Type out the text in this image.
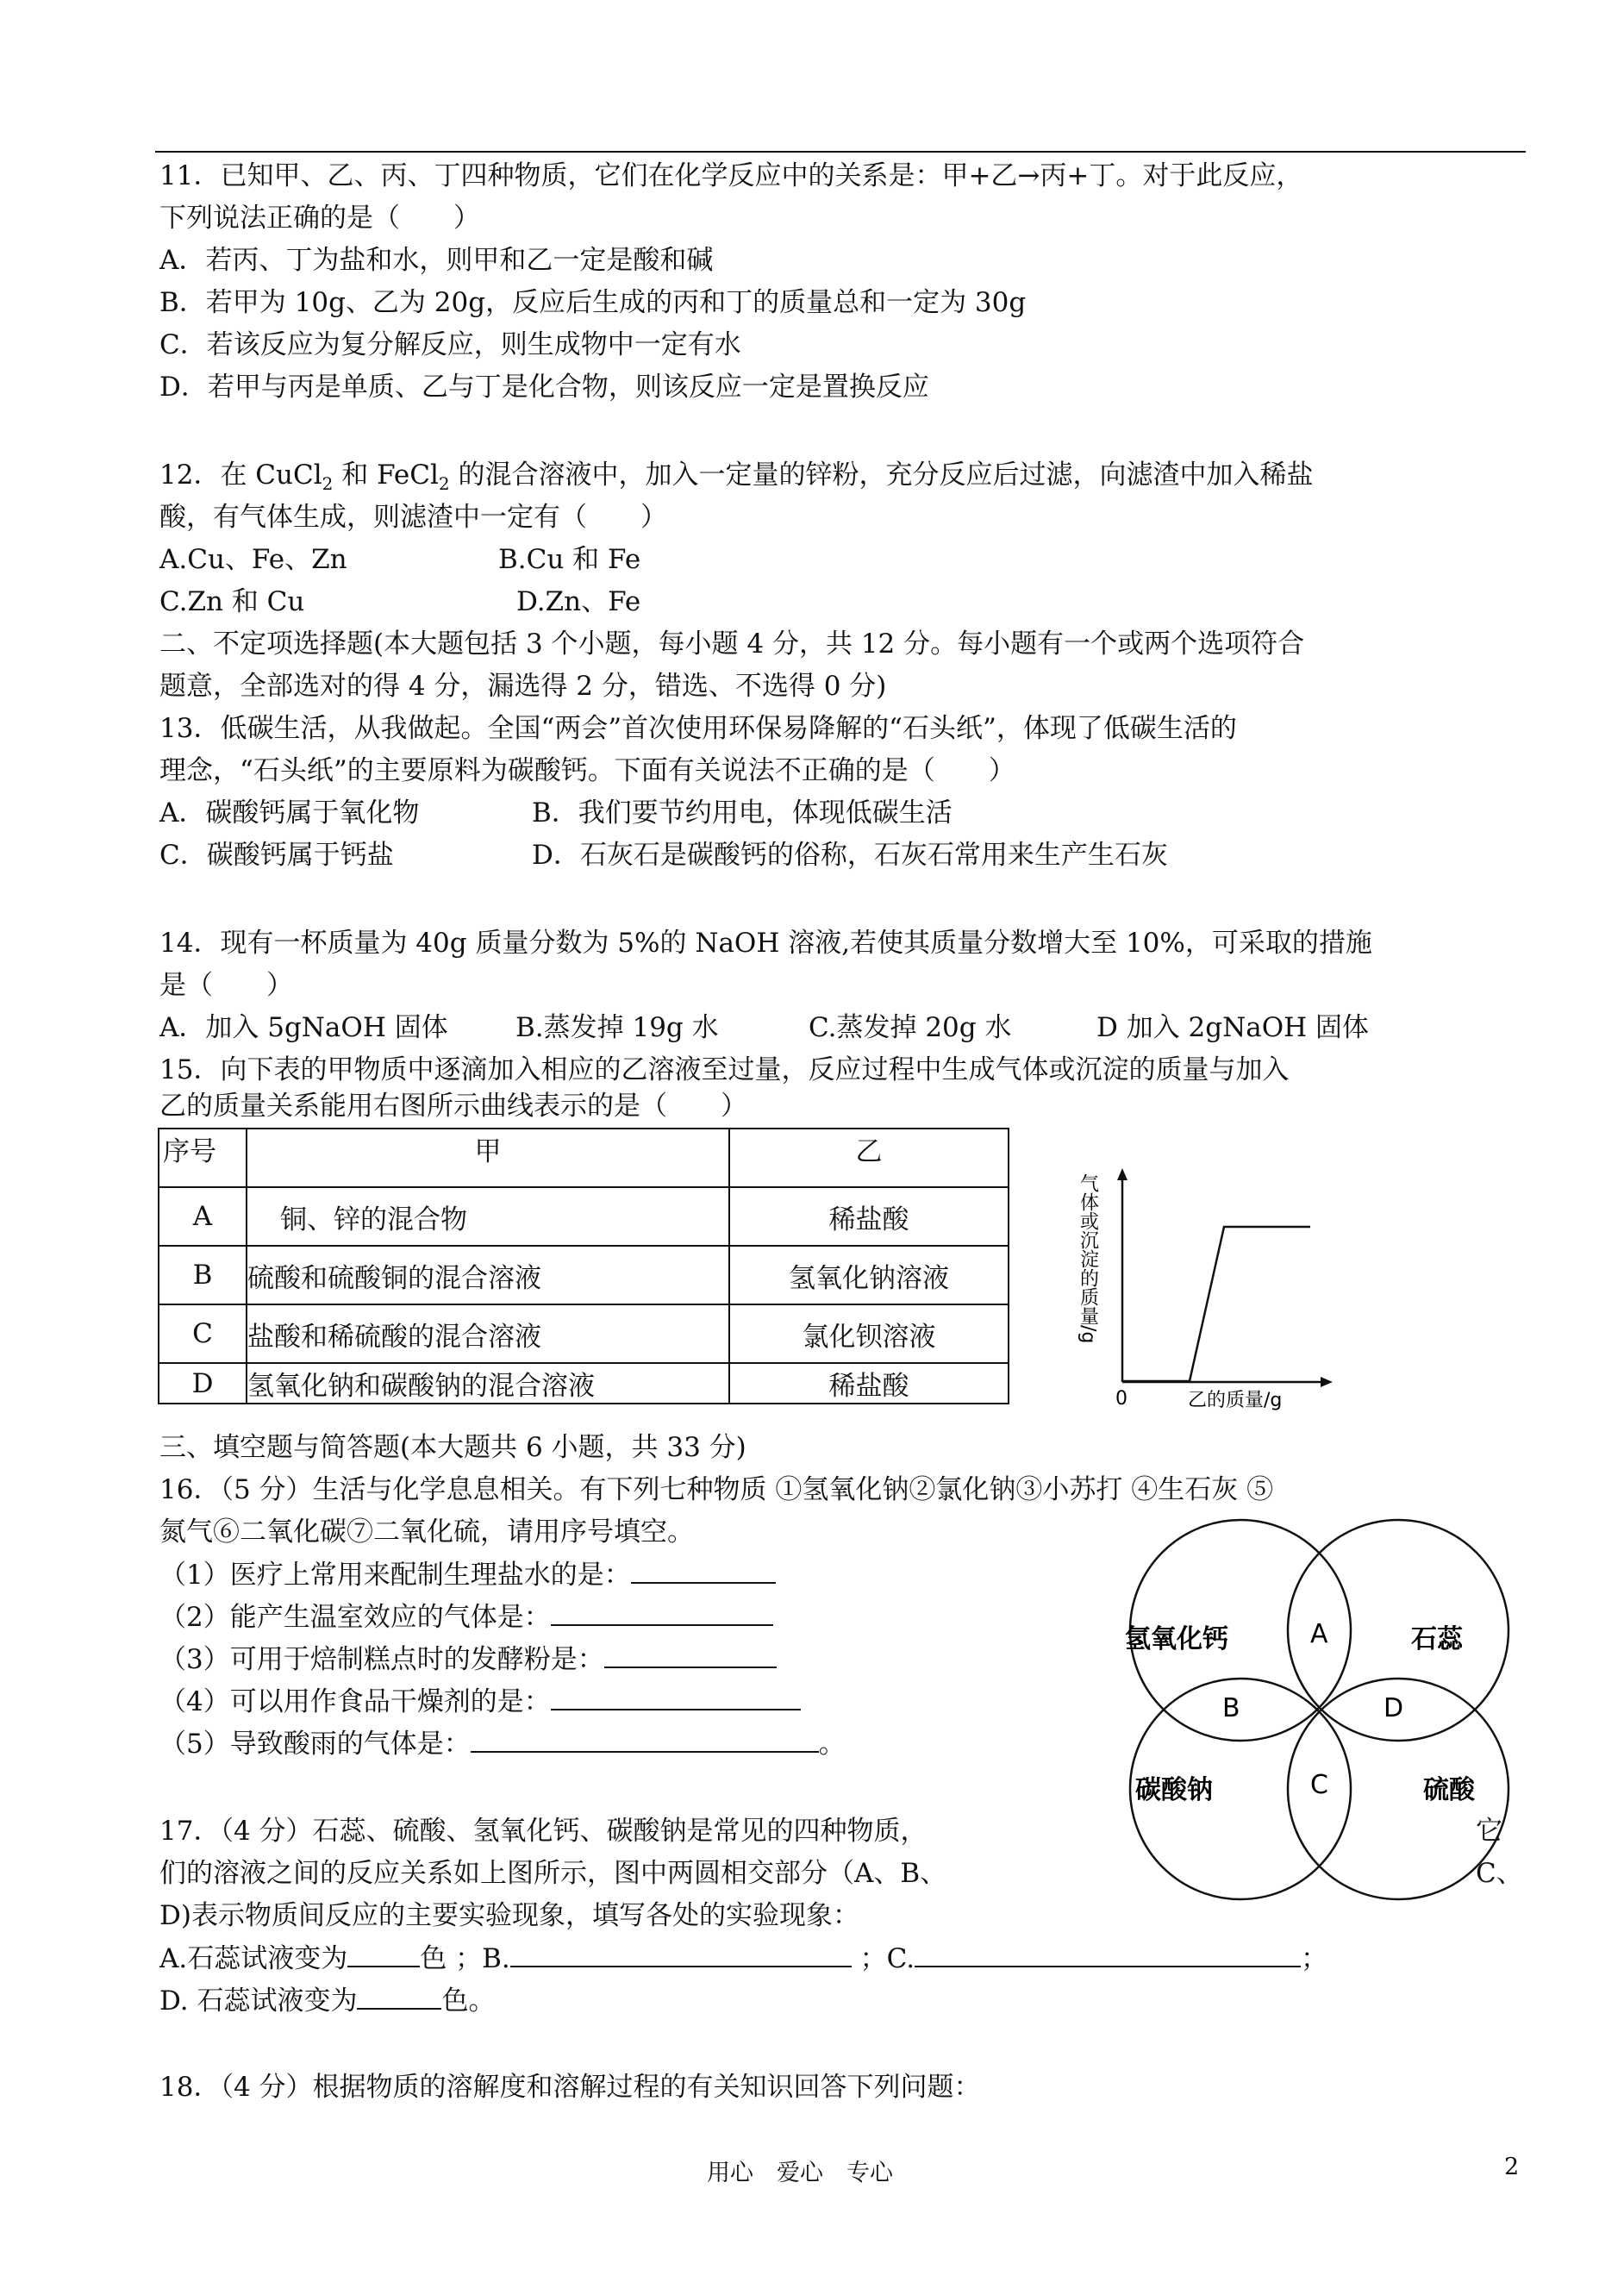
11．已知甲、乙、丙、丁四种物质，它们在化学反应中的关系是：甲+乙→丙+丁。对于此反应，
下列说法正确的是（　　）
A．若丙、丁为盐和水，则甲和乙一定是酸和碱
B．若甲为 10g、乙为 20g，反应后生成的丙和丁的质量总和一定为 30g
C．若该反应为复分解反应，则生成物中一定有水
D．若甲与丙是单质、乙与丁是化合物，则该反应一定是置换反应
12．在 CuCl$_2$ 和 FeCl$_2$ 的混合溶液中，加入一定量的锌粉，充分反应后过滤，向滤渣中加入稀盐
酸，有气体生成，则滤渣中一定有（　　）
A.Cu、Fe、Zn	B.Cu 和 Fe
C.Zn 和 Cu	D.Zn、Fe
二、不定项选择题(本大题包括 3 个小题，每小题 4 分，共 12 分。每小题有一个或两个选项符合
题意，全部选对的得 4 分，漏选得 2 分，错选、不选得 0 分)
13．低碳生活，从我做起。全国“两会”首次使用环保易降解的“石头纸”，体现了低碳生活的
理念，“石头纸”的主要原料为碳酸钙。下面有关说法不正确的是（　　）
A．碳酸钙属于氧化物	B．我们要节约用电，体现低碳生活
C．碳酸钙属于钙盐	D．石灰石是碳酸钙的俗称，石灰石常用来生产生石灰
14．现有一杯质量为 40g 质量分数为 5%的 NaOH 溶液,若使其质量分数增大至 10%，可采取的措施
是（　　）
A．加入 5gNaOH 固体	B.蒸发掉 19g 水	C.蒸发掉 20g 水	D 加入 2gNaOH 固体
15．向下表的甲物质中逐滴加入相应的乙溶液至过量，反应过程中生成气体或沉淀的质量与加入
乙的质量关系能用右图所示曲线表示的是（　　）
序号	甲	乙
A	铜、锌的混合物	稀盐酸
B	硫酸和硫酸铜的混合溶液	氢氧化钠溶液
C	盐酸和稀硫酸的混合溶液	氯化钡溶液
D	氢氧化钠和碳酸钠的混合溶液	稀盐酸
气体或沉淀的质量/g
0	乙的质量/g
三、填空题与简答题(本大题共 6 小题，共 33 分)
16．（5 分）生活与化学息息相关。有下列七种物质 ①氢氧化钠②氯化钠③小苏打 ④生石灰 ⑤
氮气⑥二氧化碳⑦二氧化硫，请用序号填空。
（1）医疗上常用来配制生理盐水的是：
（2）能产生温室效应的气体是：
（3）可用于焙制糕点时的发酵粉是：
（4）可以用作食品干燥剂的是：
（5）导致酸雨的气体是：	。
氢氧化钙	石蕊
碳酸钠	硫酸
A
B
C
D
17．（4 分）石蕊、硫酸、氢氧化钙、碳酸钠是常见的四种物质，	它
们的溶液之间的反应关系如上图所示，图中两圆相交部分（A、B、	C、
D)表示物质间反应的主要实验现象，填写各处的实验现象：
A.石蕊试液变为	色 ；B.	；C.	；
D. 石蕊试液变为	色。
18．（4 分）根据物质的溶解度和溶解过程的有关知识回答下列问题：
用心　爱心　专心	2
